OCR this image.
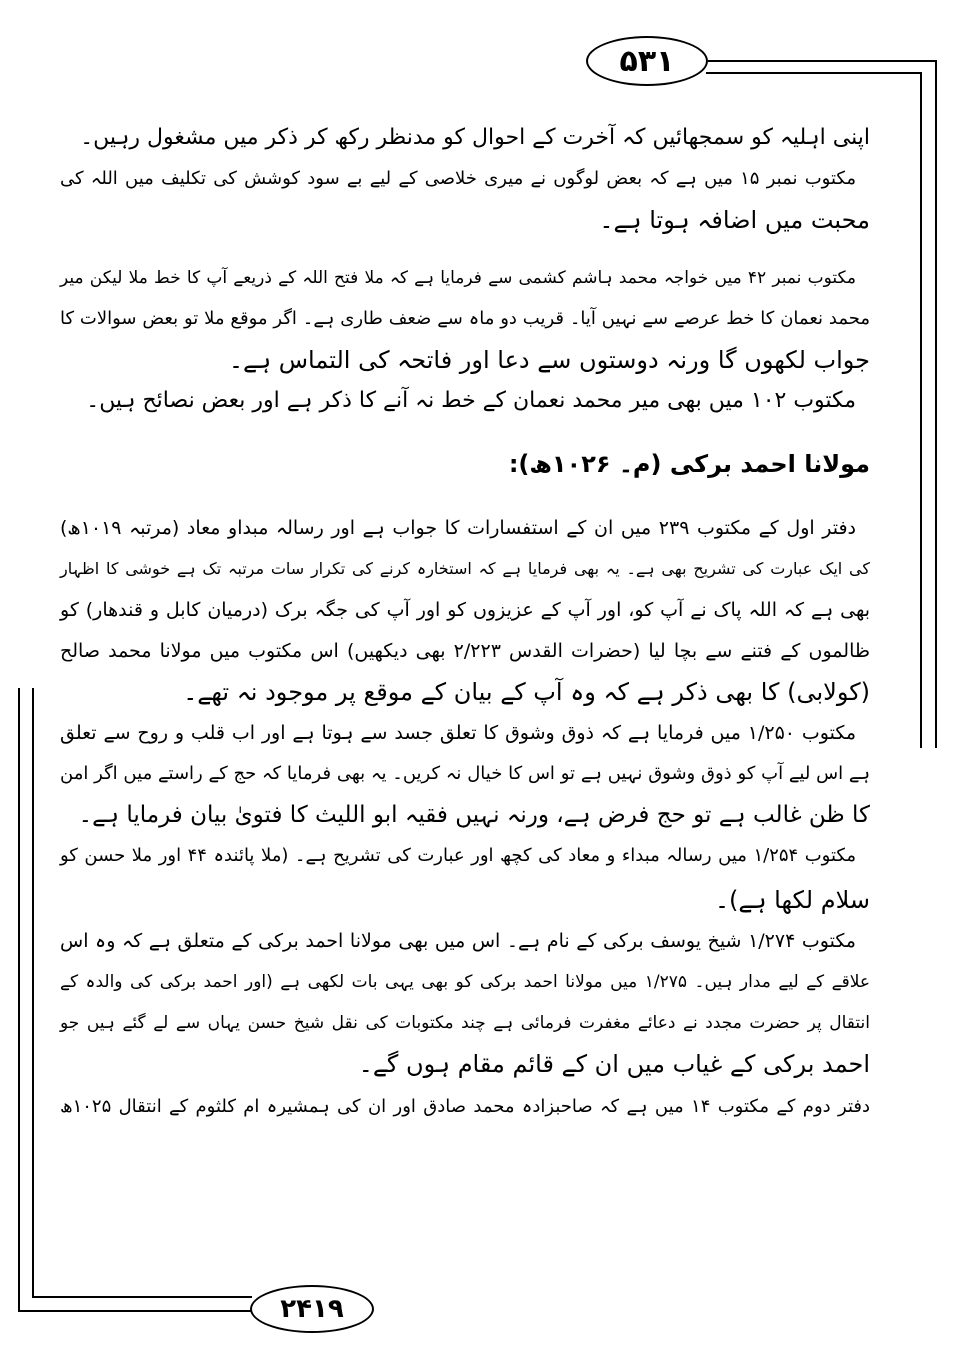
۵۳۱
۲۴۱۹
اپنی اہلیہ کو سمجھائیں کہ آخرت کے احوال کو مدنظر رکھ کر ذکر میں مشغول رہیں۔
مکتوب نمبر ۱۵ میں ہے کہ بعض لوگوں نے میری خلاصی کے لیے بے سود کوشش کی تکلیف میں اللہ کی
محبت میں اضافہ ہوتا ہے۔
مکتوب نمبر ۴۲ میں خواجہ محمد ہاشم کشمی سے فرمایا ہے کہ ملا فتح اللہ کے ذریعے آپ کا خط ملا لیکن میر
محمد نعمان کا خط عرصے سے نہیں آیا۔ قریب دو ماہ سے ضعف طاری ہے۔ اگر موقع ملا تو بعض سوالات کا
جواب لکھوں گا ورنہ دوستوں سے دعا اور فاتحہ کی التماس ہے۔
مکتوب ۱۰۲ میں بھی میر محمد نعمان کے خط نہ آنے کا ذکر ہے اور بعض نصائح ہیں۔
مولانا احمد برکی (م۔ ۱۰۲۶ھ):
دفتر اول کے مکتوب ۲۳۹ میں ان کے استفسارات کا جواب ہے اور رسالہ مبداو معاد (مرتبہ ۱۰۱۹ھ)
کی ایک عبارت کی تشریح بھی ہے۔ یہ بھی فرمایا ہے کہ استخارہ کرنے کی تکرار سات مرتبہ تک ہے خوشی کا اظہار
بھی ہے کہ اللہ پاک نے آپ کو، اور آپ کے عزیزوں کو اور آپ کی جگہ برک (درمیان کابل و قندھار) کو
ظالموں کے فتنے سے بچا لیا (حضرات القدس ۲/۲۲۳ بھی دیکھیں) اس مکتوب میں مولانا محمد صالح
(کولابی) کا بھی ذکر ہے کہ وہ آپ کے بیان کے موقع پر موجود نہ تھے۔
مکتوب ۱/۲۵۰ میں فرمایا ہے کہ ذوق وشوق کا تعلق جسد سے ہوتا ہے اور اب قلب و روح سے تعلق
ہے اس لیے آپ کو ذوق وشوق نہیں ہے تو اس کا خیال نہ کریں۔ یہ بھی فرمایا کہ حج کے راستے میں اگر امن
کا ظن غالب ہے تو حج فرض ہے، ورنہ نہیں فقیہ ابو اللیث کا فتویٰ بیان فرمایا ہے۔
مکتوب ۱/۲۵۴ میں رسالہ مبداء و معاد کی کچھ اور عبارت کی تشریح ہے۔ (ملا پائندہ ۴۴ اور ملا حسن کو
سلام لکھا ہے)۔
مکتوب ۱/۲۷۴ شیخ یوسف برکی کے نام ہے۔ اس میں بھی مولانا احمد برکی کے متعلق ہے کہ وہ اس
علاقے کے لیے مدار ہیں۔ ۱/۲۷۵ میں مولانا احمد برکی کو بھی یہی بات لکھی ہے (اور احمد برکی کی والدہ کے
انتقال پر حضرت مجدد نے دعائے مغفرت فرمائی ہے چند مکتوبات کی نقل شیخ حسن یہاں سے لے گئے ہیں جو
احمد برکی کے غیاب میں ان کے قائم مقام ہوں گے۔
دفتر دوم کے مکتوب ۱۴ میں ہے کہ صاحبزادہ محمد صادق اور ان کی ہمشیرہ ام کلثوم کے انتقال ۱۰۲۵ھ
